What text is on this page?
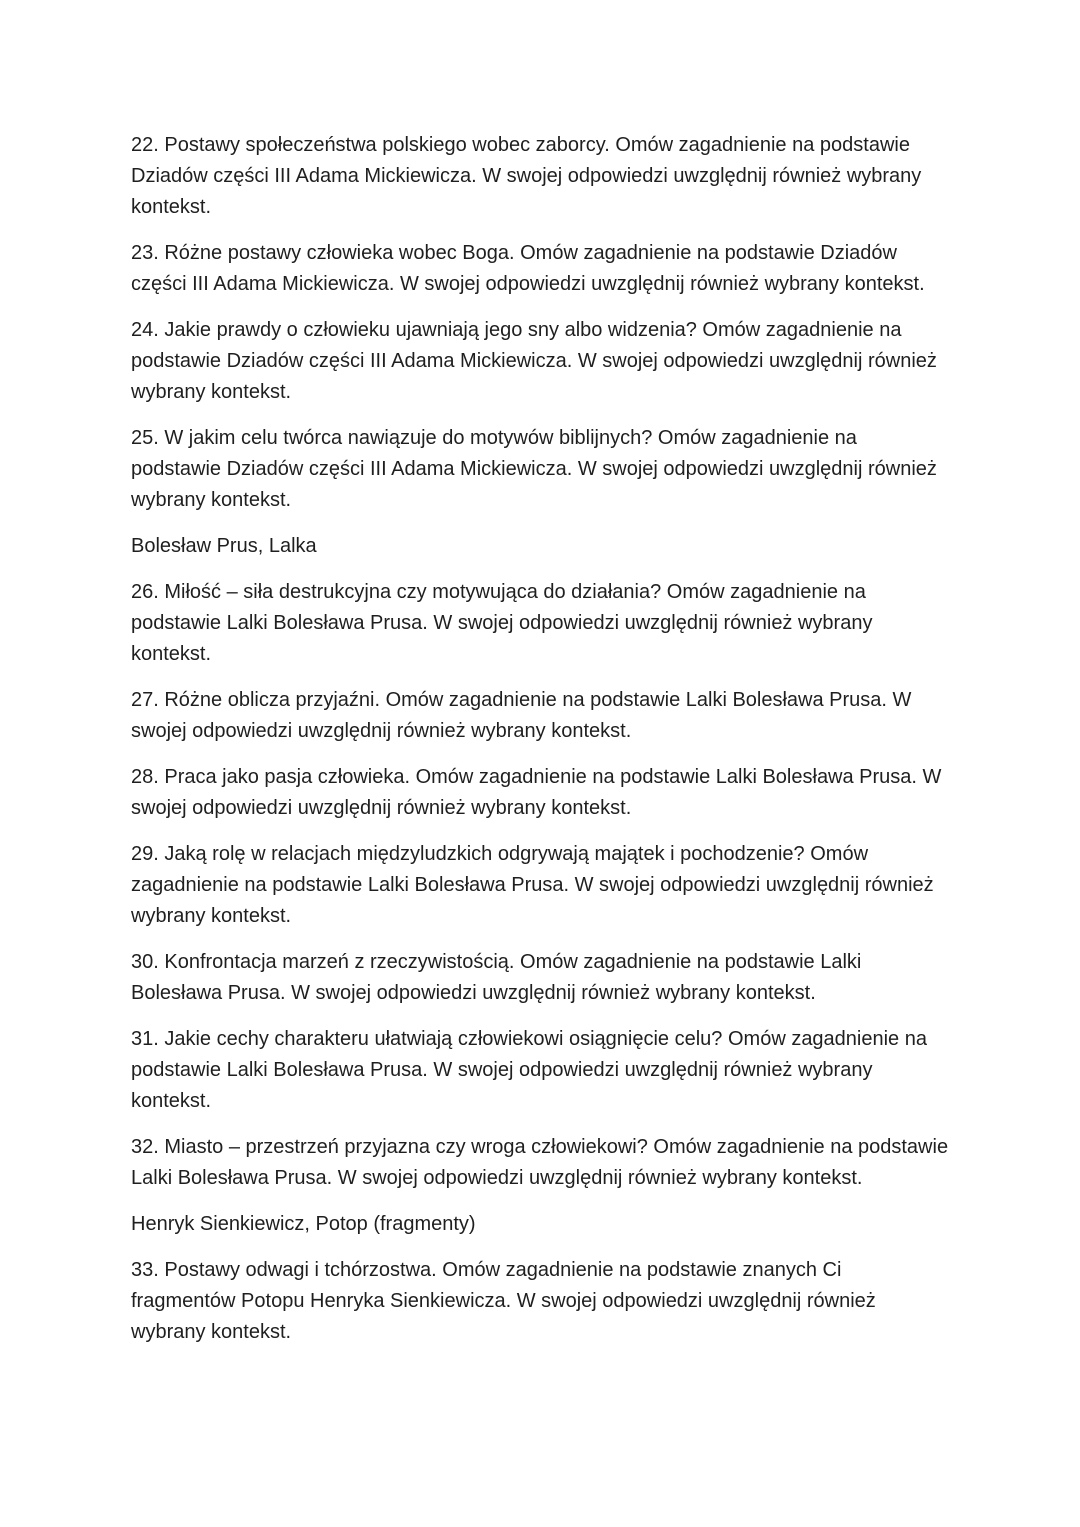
22. Postawy społeczeństwa polskiego wobec zaborcy. Omów zagadnienie na podstawie Dziadów części III Adama Mickiewicza. W swojej odpowiedzi uwzględnij również wybrany kontekst.

23. Różne postawy człowieka wobec Boga. Omów zagadnienie na podstawie Dziadów części III Adama Mickiewicza. W swojej odpowiedzi uwzględnij również wybrany kontekst.

24. Jakie prawdy o człowieku ujawniają jego sny albo widzenia? Omów zagadnienie na podstawie Dziadów części III Adama Mickiewicza. W swojej odpowiedzi uwzględnij również wybrany kontekst.

25. W jakim celu twórca nawiązuje do motywów biblijnych? Omów zagadnienie na podstawie Dziadów części III Adama Mickiewicza. W swojej odpowiedzi uwzględnij również wybrany kontekst.

Bolesław Prus, Lalka

26. Miłość – siła destrukcyjna czy motywująca do działania? Omów zagadnienie na podstawie Lalki Bolesława Prusa. W swojej odpowiedzi uwzględnij również wybrany kontekst.

27. Różne oblicza przyjaźni. Omów zagadnienie na podstawie Lalki Bolesława Prusa. W swojej odpowiedzi uwzględnij również wybrany kontekst.

28. Praca jako pasja człowieka. Omów zagadnienie na podstawie Lalki Bolesława Prusa. W swojej odpowiedzi uwzględnij również wybrany kontekst.

29. Jaką rolę w relacjach międzyludzkich odgrywają majątek i pochodzenie? Omów zagadnienie na podstawie Lalki Bolesława Prusa. W swojej odpowiedzi uwzględnij również wybrany kontekst.

30. Konfrontacja marzeń z rzeczywistością. Omów zagadnienie na podstawie Lalki Bolesława Prusa. W swojej odpowiedzi uwzględnij również wybrany kontekst.

31. Jakie cechy charakteru ułatwiają człowiekowi osiągnięcie celu? Omów zagadnienie na podstawie Lalki Bolesława Prusa. W swojej odpowiedzi uwzględnij również wybrany kontekst.

32. Miasto – przestrzeń przyjazna czy wroga człowiekowi? Omów zagadnienie na podstawie Lalki Bolesława Prusa. W swojej odpowiedzi uwzględnij również wybrany kontekst.

Henryk Sienkiewicz, Potop (fragmenty)

33. Postawy odwagi i tchórzostwa. Omów zagadnienie na podstawie znanych Ci fragmentów Potopu Henryka Sienkiewicza. W swojej odpowiedzi uwzględnij również wybrany kontekst.
